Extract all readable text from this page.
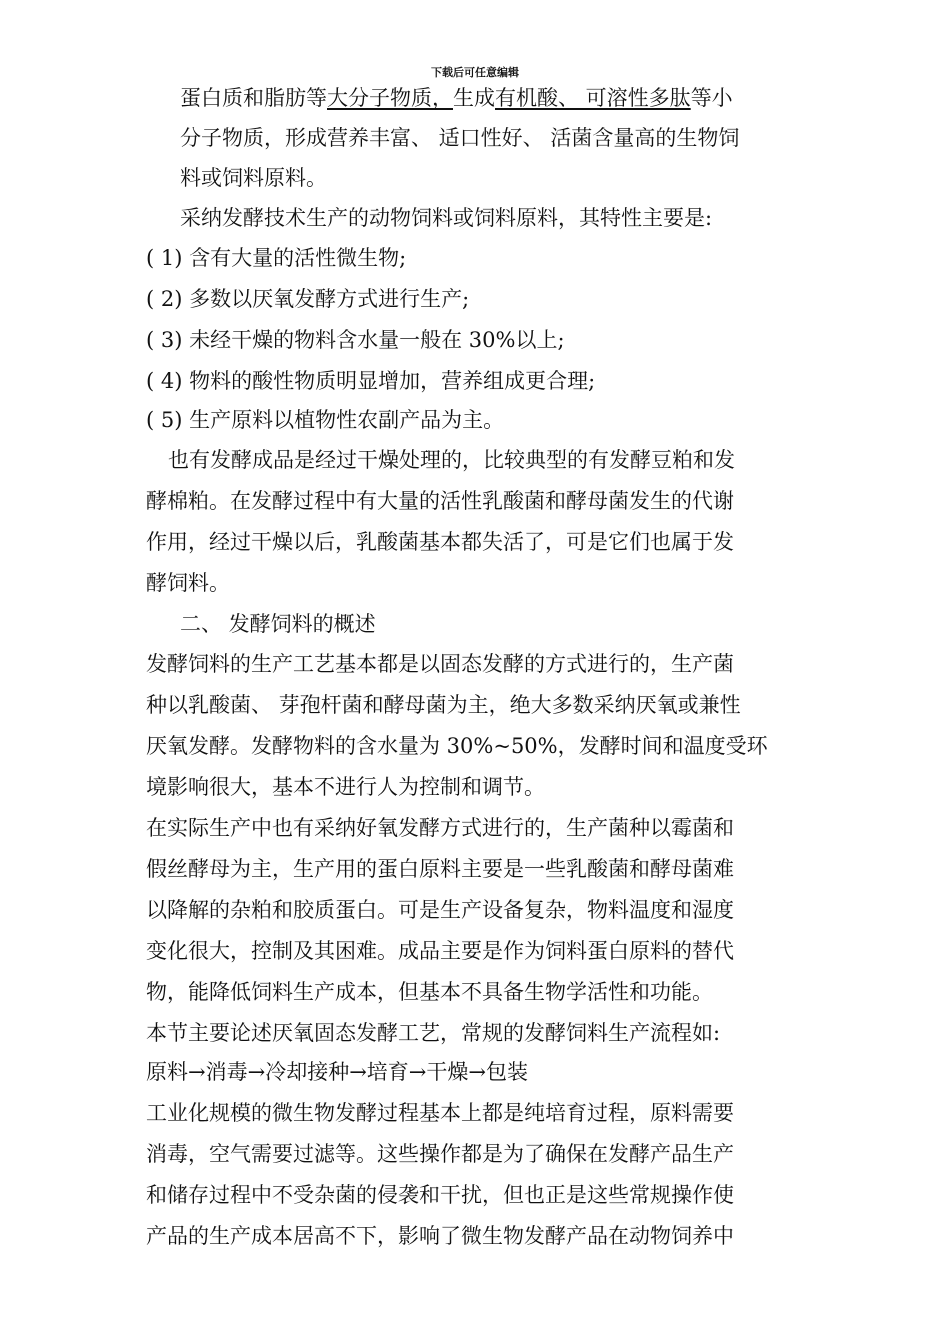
下载后可任意编辑
蛋白质和脂肪等大分子物质，生成有机酸、 可溶性多肽等小
分子物质，形成营养丰富、 适口性好、 活菌含量高的生物饲
料或饲料原料。
采纳发酵技术生产的动物饲料或饲料原料，其特性主要是:
( 1) 含有大量的活性微生物;
( 2) 多数以厌氧发酵方式进行生产;
( 3) 未经干燥的物料含水量一般在 30%以上;
( 4) 物料的酸性物质明显增加，营养组成更合理;
( 5) 生产原料以植物性农副产品为主。
也有发酵成品是经过干燥处理的，比较典型的有发酵豆粕和发
酵棉粕。在发酵过程中有大量的活性乳酸菌和酵母菌发生的代谢
作用，经过干燥以后，乳酸菌基本都失活了，可是它们也属于发
酵饲料。
二、 发酵饲料的概述
发酵饲料的生产工艺基本都是以固态发酵的方式进行的，生产菌
种以乳酸菌、 芽孢杆菌和酵母菌为主，绝大多数采纳厌氧或兼性
厌氧发酵。发酵物料的含水量为 30%~50%，发酵时间和温度受环
境影响很大，基本不进行人为控制和调节。
在实际生产中也有采纳好氧发酵方式进行的，生产菌种以霉菌和
假丝酵母为主，生产用的蛋白原料主要是一些乳酸菌和酵母菌难
以降解的杂粕和胶质蛋白。可是生产设备复杂，物料温度和湿度
变化很大，控制及其困难。成品主要是作为饲料蛋白原料的替代
物，能降低饲料生产成本，但基本不具备生物学活性和功能。
本节主要论述厌氧固态发酵工艺，常规的发酵饲料生产流程如:
原料→消毒→冷却接种→培育→干燥→包装
工业化规模的微生物发酵过程基本上都是纯培育过程，原料需要
消毒，空气需要过滤等。这些操作都是为了确保在发酵产品生产
和储存过程中不受杂菌的侵袭和干扰，但也正是这些常规操作使
产品的生产成本居高不下，影响了微生物发酵产品在动物饲养中
